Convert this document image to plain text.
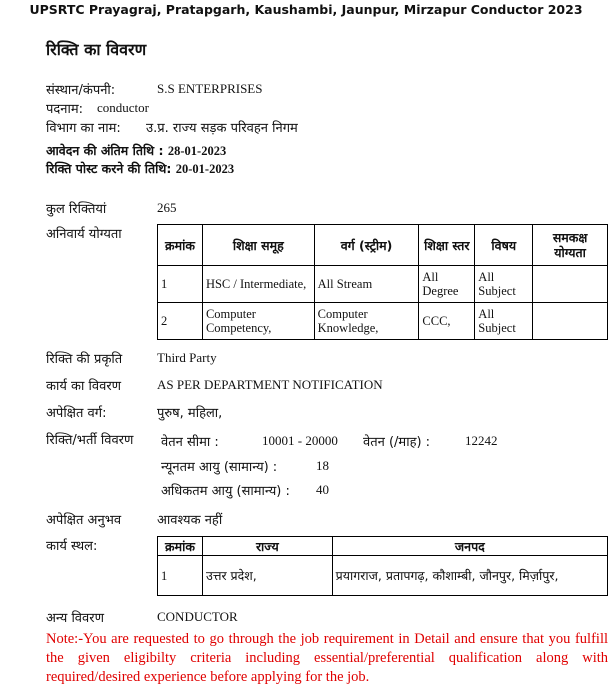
UPSRTC Prayagraj, Pratapgarh, Kaushambi, Jaunpur, Mirzapur Conductor 2023
रिक्ति का विवरण
संस्थान/कंपनी:	S.S ENTERPRISES
पदनाम: conductor
विभाग का नाम: उ.प्र. राज्य सड़क परिवहन निगम
आवेदन की अंतिम तिथि : 28-01-2023
रिक्ति पोस्ट करने की तिथि: 20-01-2023
कुल रिक्तियां	265
अनिवार्य योग्यता
क्रमांक	शिक्षा समूह	वर्ग (स्ट्रीम)	शिक्षा स्तर	विषय	समकक्ष योग्यता
1	HSC / Intermediate,	All Stream	All Degree	All Subject	
2	Computer Competency,	Computer Knowledge,	CCC,	All Subject	
रिक्ति की प्रकृति	Third Party
कार्य का विवरण	AS PER DEPARTMENT NOTIFICATION
अपेक्षित वर्ग:	पुरुष, महिला,
रिक्ति/भर्ती विवरण वेतन सीमा :	10001 - 20000 वेतन (/माह) :	12242
न्यूनतम आयु (सामान्य) :	18
अधिकतम आयु (सामान्य) : 40
अपेक्षित अनुभव	आवश्यक नहीं
कार्य स्थल:	क्रमांक	राज्य	जनपद
1	उत्तर प्रदेश,	प्रयागराज, प्रतापगढ़, कौशाम्बी, जौनपुर, मिर्ज़ापुर,
अन्य विवरण	CONDUCTOR
Note:-You are requested to go through the job requirement in Detail and ensure that you fulfill the given eligibilty criteria including essential/preferential qualification along with required/desired experience before applying for the job.
